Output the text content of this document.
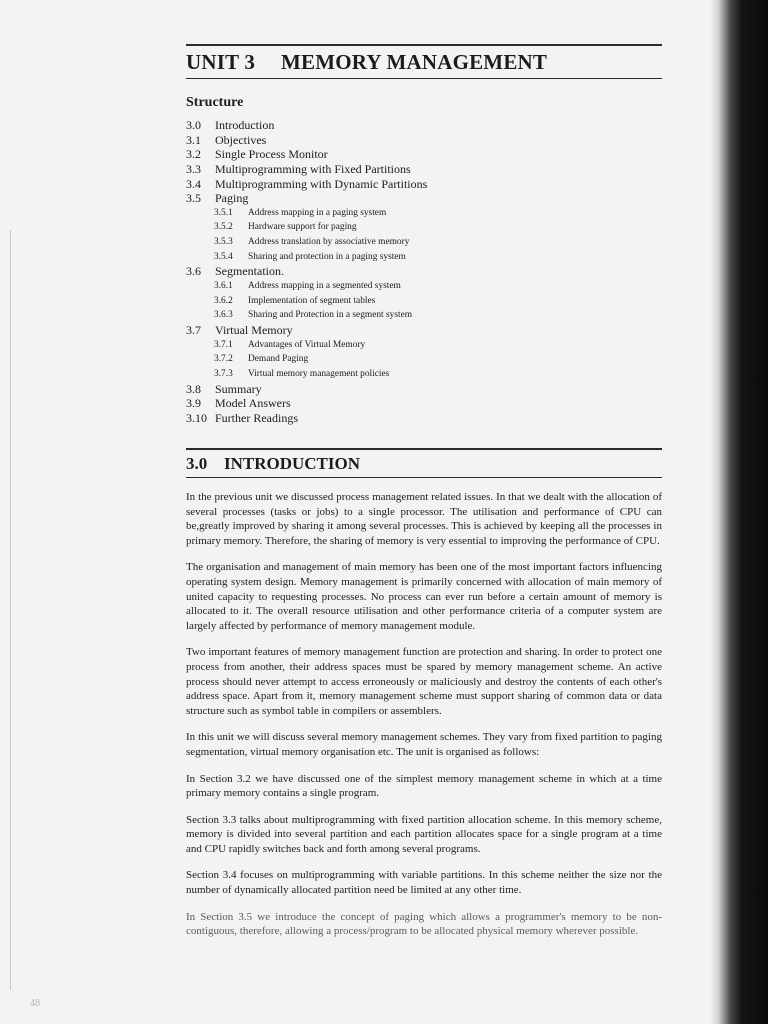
UNIT 3 MEMORY MANAGEMENT
Structure
3.0 Introduction
3.1 Objectives
3.2 Single Process Monitor
3.3 Multiprogramming with Fixed Partitions
3.4 Multiprogramming with Dynamic Partitions
3.5 Paging
3.5.1 Address mapping in a paging system
3.5.2 Hardware support for paging
3.5.3 Address translation by associative memory
3.5.4 Sharing and protection in a paging system
3.6 Segmentation.
3.6.1 Address mapping in a segmented system
3.6.2 Implementation of segment tables
3.6.3 Sharing and Protection in a segment system
3.7 Virtual Memory
3.7.1 Advantages of Virtual Memory
3.7.2 Demand Paging
3.7.3 Virtual memory management policies
3.8 Summary
3.9 Model Answers
3.10 Further Readings
3.0 INTRODUCTION

In the previous unit we discussed process management related issues. In that we dealt with the allocation of several processes (tasks or jobs) to a single processor. The utilisation and performance of CPU can be,greatly improved by sharing it among several processes. This is achieved by keeping all the processes in primary memory. Therefore, the sharing of memory is very essential to improving the performance of CPU.

The organisation and management of main memory has been one of the most important factors influencing operating system design. Memory management is primarily concerned with allocation of main memory of united capacity to requesting processes. No process can ever run before a certain amount of memory is allocated to it. The overall resource utilisation and other performance criteria of a computer system are largely affected by performance of memory management module.

Two important features of memory management function are protection and sharing. In order to protect one process from another, their address spaces must be spared by memory management scheme. An active process should never attempt to access erroneously or maliciously and destroy the contents of each other's address space. Apart from it, memory management scheme must support sharing of common data or data structure such as symbol table in compilers or assemblers.

In this unit we will discuss several memory management schemes. They vary from fixed partition to paging segmentation, virtual memory organisation etc. The unit is organised as follows:

In Section 3.2 we have discussed one of the simplest memory management scheme in which at a time primary memory contains a single program.

Section 3.3 talks about multiprogramming with fixed partition allocation scheme. In this memory scheme, memory is divided into several partition and each partition allocates space for a single program at a time and CPU rapidly switches back and forth among several programs.

Section 3.4 focuses on multiprogramming with variable partitions. In this scheme neither the size nor the number of dynamically allocated partition need be limited at any other time.

In Section 3.5 we introduce the concept of paging which allows a programmer's memory to be non-contiguous, therefore, allowing a process/program to be allocated physical memory wherever possible.

48
